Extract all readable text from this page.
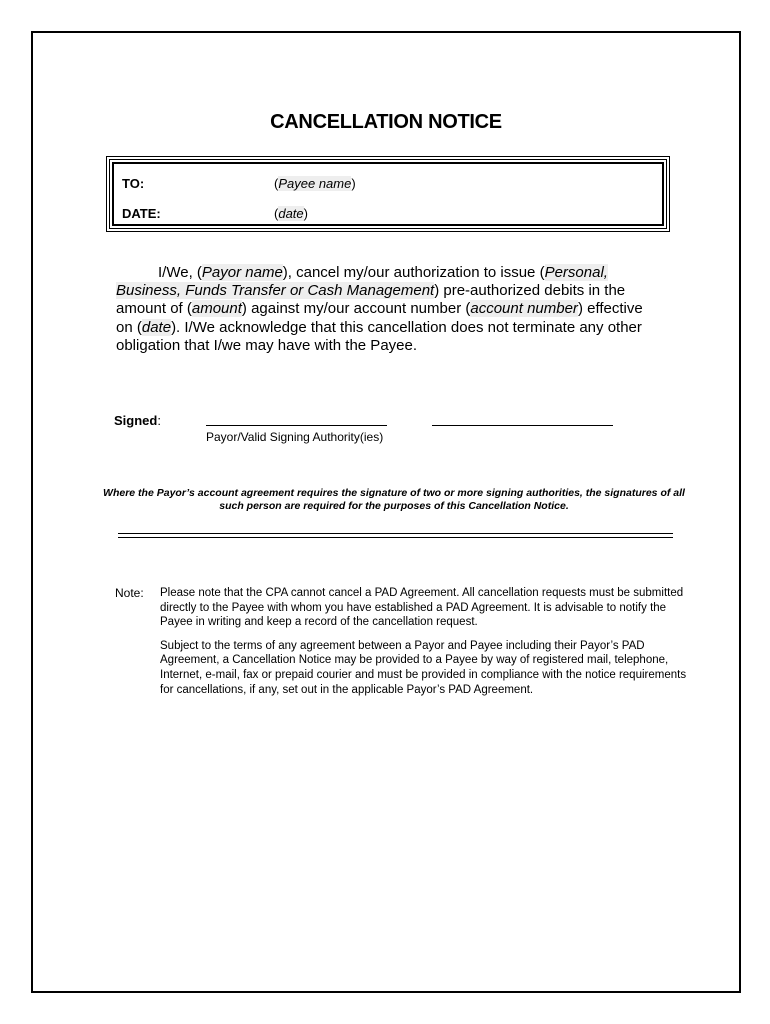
CANCELLATION NOTICE
TO:	(Payee name)
DATE:	(date)
I/We, (Payor name), cancel my/our authorization to issue (Personal, Business, Funds Transfer or Cash Management) pre-authorized debits in the amount of (amount) against my/our account number (account number) effective on (date). I/We acknowledge that this cancellation does not terminate any other obligation that I/we may have with the Payee.
Signed:
Payor/Valid Signing Authority(ies)
Where the Payor’s account agreement requires the signature of two or more signing authorities, the signatures of all such person are required for the purposes of this Cancellation Notice.
Note: Please note that the CPA cannot cancel a PAD Agreement. All cancellation requests must be submitted directly to the Payee with whom you have established a PAD Agreement. It is advisable to notify the Payee in writing and keep a record of the cancellation request.

Subject to the terms of any agreement between a Payor and Payee including their Payor’s PAD Agreement, a Cancellation Notice may be provided to a Payee by way of registered mail, telephone, Internet, e-mail, fax or prepaid courier and must be provided in compliance with the notice requirements for cancellations, if any, set out in the applicable Payor’s PAD Agreement.
